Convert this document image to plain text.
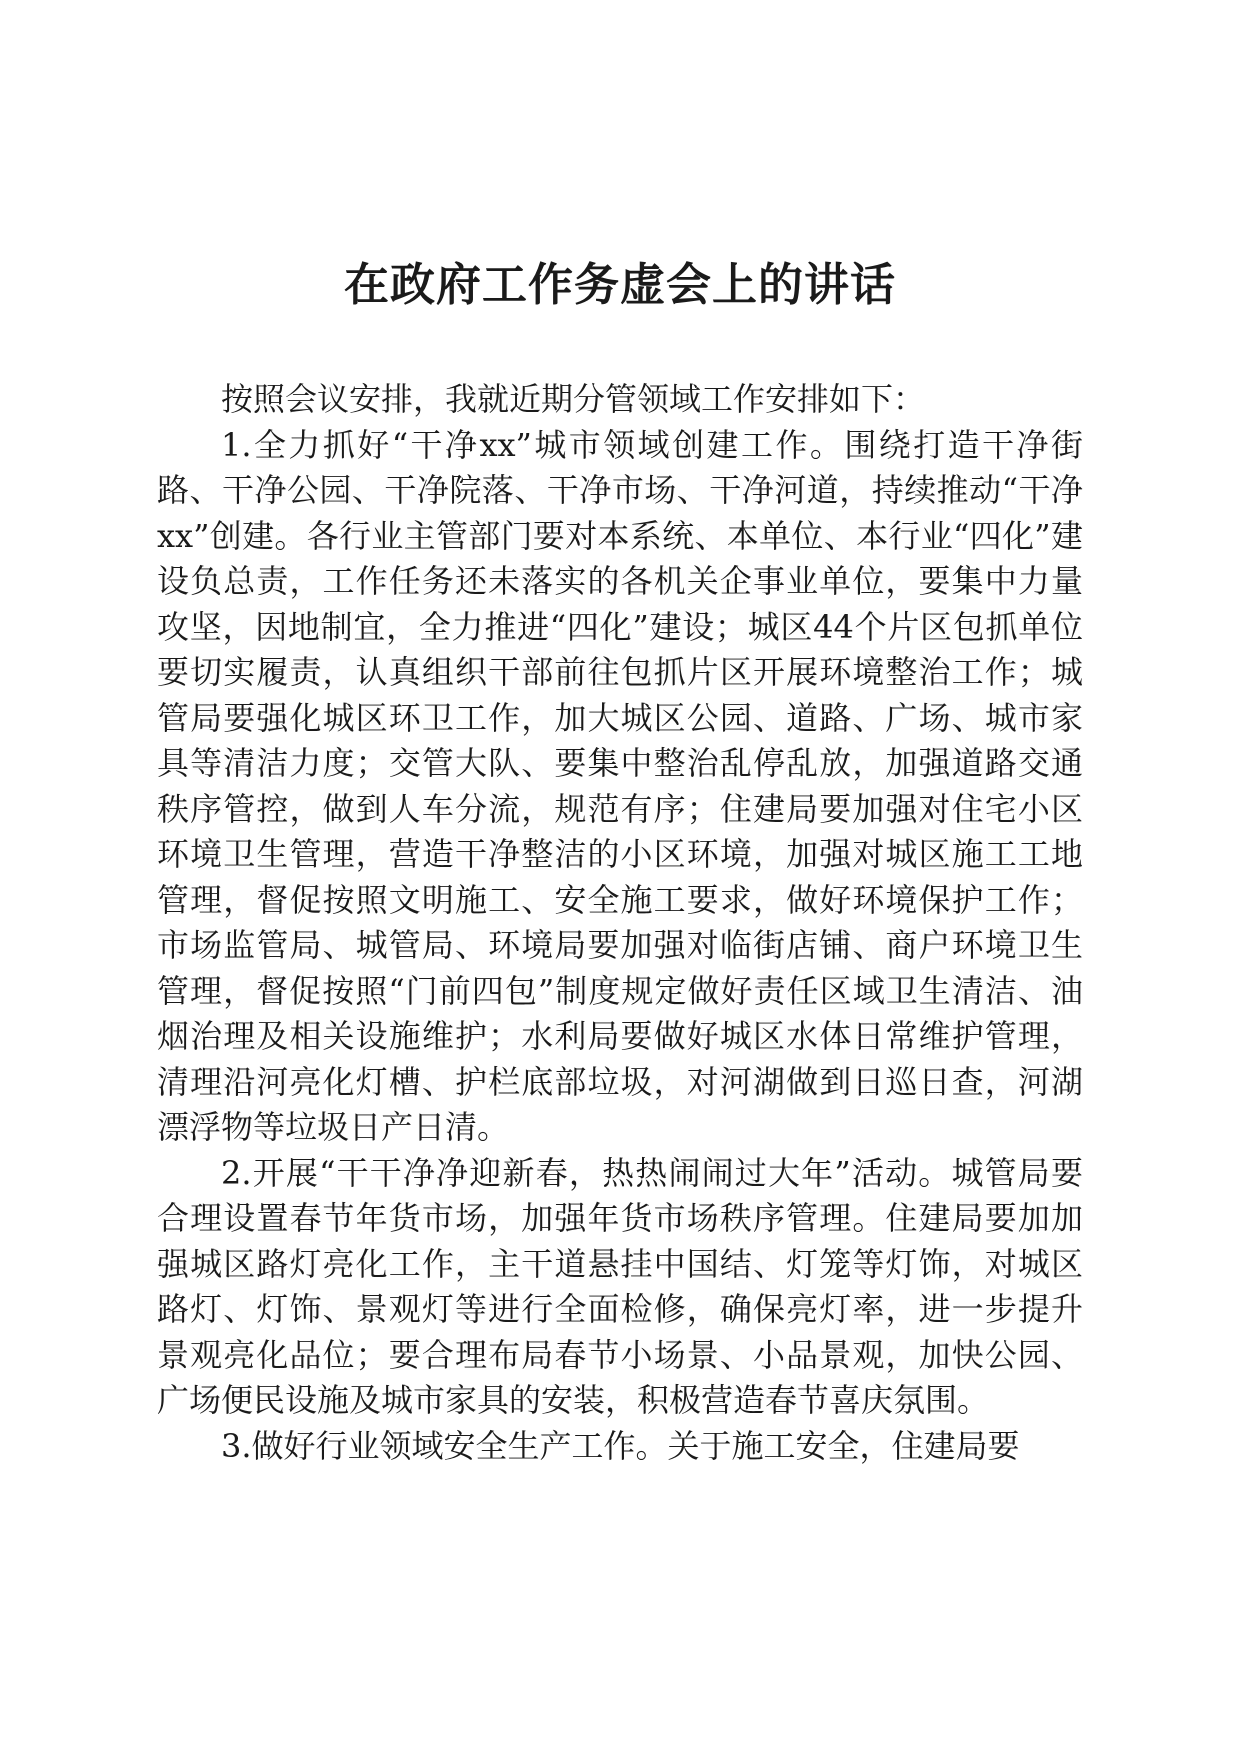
在政府工作务虚会上的讲话

按照会议安排，我就近期分管领域工作安排如下：

1.全力抓好“干净xx”城市领域创建工作。围绕打造干净街路、干净公园、干净院落、干净市场、干净河道，持续推动“干净xx”创建。各行业主管部门要对本系统、本单位、本行业“四化”建设负总责，工作任务还未落实的各机关企事业单位，要集中力量攻坚，因地制宜，全力推进“四化”建设；城区44个片区包抓单位要切实履责，认真组织干部前往包抓片区开展环境整治工作；城管局要强化城区环卫工作，加大城区公园、道路、广场、城市家具等清洁力度；交管大队、要集中整治乱停乱放，加强道路交通秩序管控，做到人车分流，规范有序；住建局要加强对住宅小区环境卫生管理，营造干净整洁的小区环境，加强对城区施工工地管理，督促按照文明施工、安全施工要求，做好环境保护工作；市场监管局、城管局、环境局要加强对临街店铺、商户环境卫生管理，督促按照“门前四包”制度规定做好责任区域卫生清洁、油烟治理及相关设施维护；水利局要做好城区水体日常维护管理，清理沿河亮化灯槽、护栏底部垃圾，对河湖做到日巡日查，河湖漂浮物等垃圾日产日清。

2.开展“干干净净迎新春，热热闹闹过大年”活动。城管局要合理设置春节年货市场，加强年货市场秩序管理。住建局要加加强城区路灯亮化工作，主干道悬挂中国结、灯笼等灯饰，对城区路灯、灯饰、景观灯等进行全面检修，确保亮灯率，进一步提升景观亮化品位；要合理布局春节小场景、小品景观，加快公园、广场便民设施及城市家具的安装，积极营造春节喜庆氛围。

3.做好行业领域安全生产工作。关于施工安全，住建局要
